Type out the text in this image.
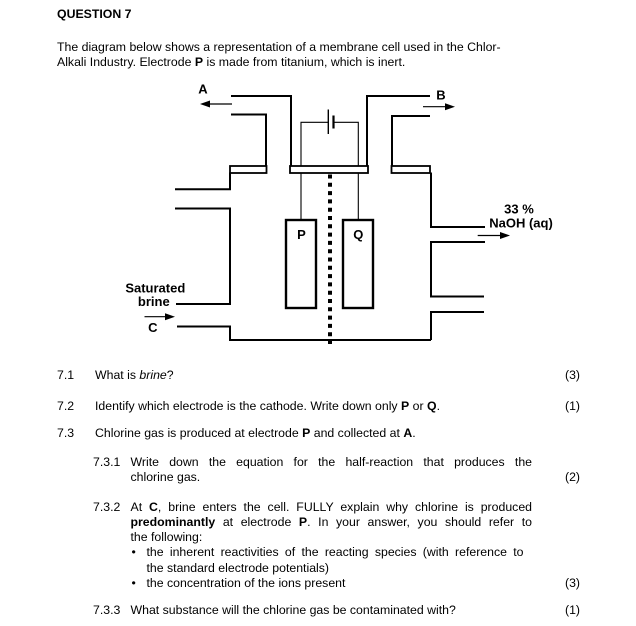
QUESTION 7
The diagram below shows a representation of a membrane cell used in the Chlor-
Alkali Industry. Electrode P is made from titanium, which is inert.
P	Q
A	B
33 %
NaOH (aq)
Saturated
brine
C
7.1 What is brine?	(3)
7.2 Identify which electrode is the cathode. Write down only P or Q.	(1)
7.3 Chlorine gas is produced at electrode P and collected at A.
7.3.1 Write down the equation for the half-reaction that produces the
chlorine gas.	(2)
7.3.2 At C, brine enters the cell. FULLY explain why chlorine is produced
predominantly at electrode P. In your answer, you should refer to
the following:
• the inherent reactivities of the reacting species (with reference to
the standard electrode potentials)
• the concentration of the ions present	(3)
7.3.3 What substance will the chlorine gas be contaminated with?	(1)
